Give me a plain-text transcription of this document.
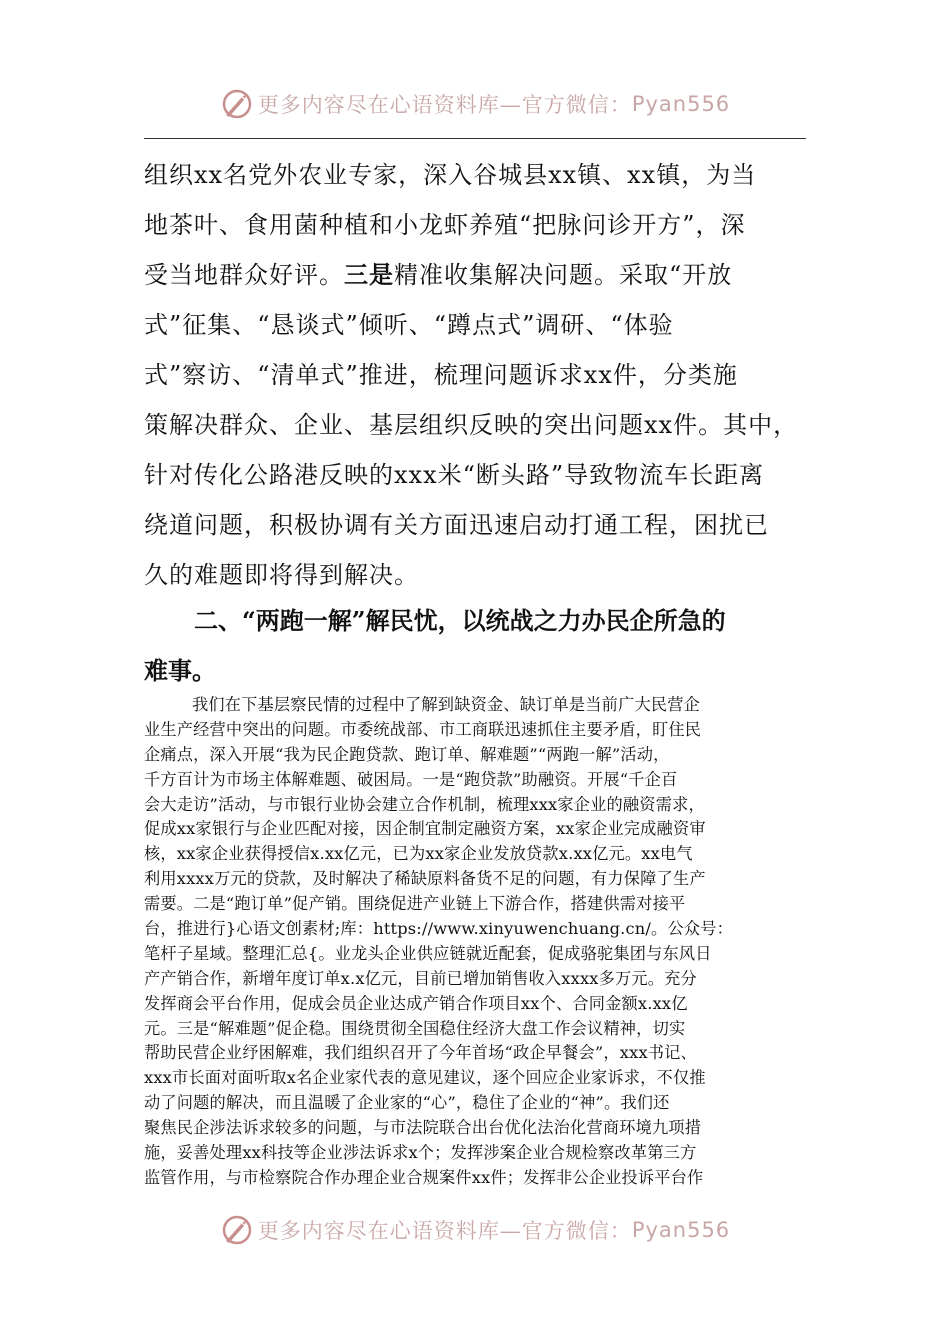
更多内容尽在心语资料库—官方微信： Pyan556
组织xx名党外农业专家，深入谷城县xx镇、xx镇，为当
地茶叶、食用菌种植和小龙虾养殖“把脉问诊开方”，深
受当地群众好评。三是精准收集解决问题。采取“开放
式”征集、“恳谈式”倾听、“蹲点式”调研、“体验
式”察访、“清单式”推进，梳理问题诉求xx件，分类施
策解决群众、企业、基层组织反映的突出问题xx件。其中，
针对传化公路港反映的xxx米“断头路”导致物流车长距离
绕道问题，积极协调有关方面迅速启动打通工程，困扰已
久的难题即将得到解决。
二、“两跑一解”解民忧，以统战之力办民企所急的
难事。
我们在下基层察民情的过程中了解到缺资金、缺订单是当前广大民营企
业生产经营中突出的问题。市委统战部、市工商联迅速抓住主要矛盾，盯住民
企痛点，深入开展“我为民企跑贷款、跑订单、解难题”“两跑一解”活动，
千方百计为市场主体解难题、破困局。一是“跑贷款”助融资。开展“千企百
会大走访”活动，与市银行业协会建立合作机制，梳理xxx家企业的融资需求，
促成xx家银行与企业匹配对接，因企制宜制定融资方案，xx家企业完成融资审
核，xx家企业获得授信x.xx亿元，已为xx家企业发放贷款x.xx亿元。xx电气
利用xxxx万元的贷款，及时解决了稀缺原料备货不足的问题，有力保障了生产
需要。二是“跑订单”促产销。围绕促进产业链上下游合作，搭建供需对接平
台，推进行}心语文创素材;库：https://www.xinyuwenchuang.cn/。公众号：
笔杆子星域。整理汇总{。业龙头企业供应链就近配套，促成骆驼集团与东风日
产产销合作，新增年度订单x.x亿元，目前已增加销售收入xxxx多万元。充分
发挥商会平台作用，促成会员企业达成产销合作项目xx个、合同金额x.xx亿
元。三是“解难题”促企稳。围绕贯彻全国稳住经济大盘工作会议精神，切实
帮助民营企业纾困解难，我们组织召开了今年首场“政企早餐会”，xxx书记、
xxx市长面对面听取x名企业家代表的意见建议，逐个回应企业家诉求，不仅推
动了问题的解决，而且温暖了企业家的“心”，稳住了企业的“神”。我们还
聚焦民企涉法诉求较多的问题，与市法院联合出台优化法治化营商环境九项措
施，妥善处理xx科技等企业涉法诉求x个；发挥涉案企业合规检察改革第三方
监管作用，与市检察院合作办理企业合规案件xx件；发挥非公企业投诉平台作
更多内容尽在心语资料库—官方微信： Pyan556
